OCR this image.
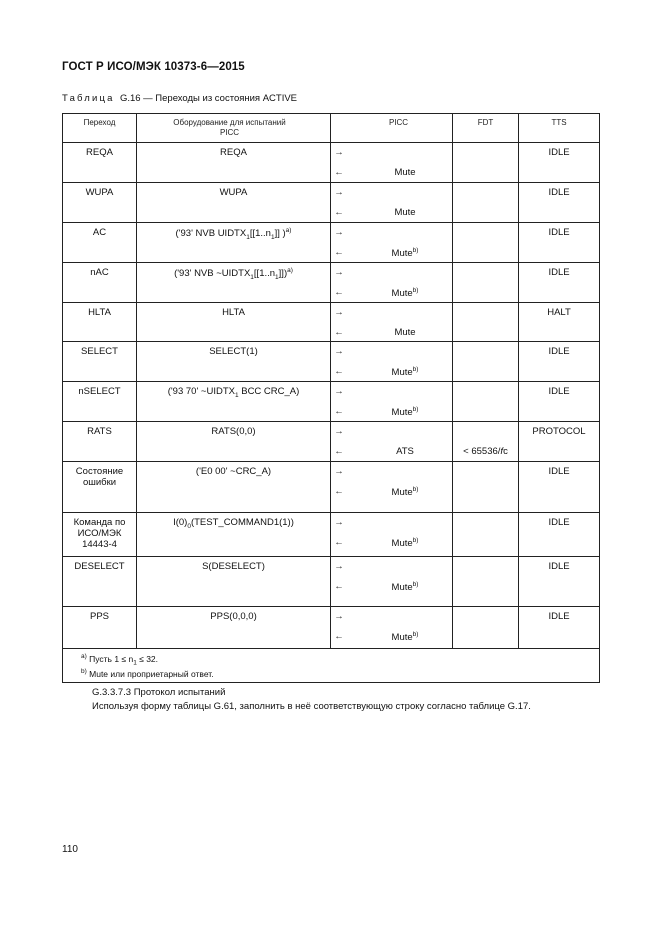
ГОСТ Р ИСО/МЭК 10373-6—2015
Таблица G.16 — Переходы из состояния ACTIVE
Переход	Оборудование для испытаний PICC	PICC	FDT	TTS

REQA	REQA	→
← Mute		IDLE

WUPA	WUPA	→
← Mute		IDLE

AC	('93' NVB $UIDTX_1[[1..n_1]]$ )$^{a)}$	→
← Mute$^{b)}$		IDLE

nAC	('93' NVB $\sim UIDTX_1[[1..n_1]])^{a)}$	→
← Mute$^{b)}$		IDLE

HLTA	HLTA	→
← Mute		HALT

SELECT	SELECT(1)	→
← Mute$^{b)}$		IDLE

nSELECT	('93 70' $\sim UIDTX_1$ BCC CRC_A)	→
← Mute$^{b)}$		IDLE

RATS	RATS(0,0)	→
← ATS	< 65536/fc	PROTOCOL

Состояние ошибки	('E0 00' ~CRC_A)	→
← Mute$^{b)}$		IDLE

Команда по ИСО/МЭК 14443-4	$I(0)_0(TEST\_COMMAND1(1))$	→
← Mute$^{b)}$		IDLE

DESELECT	S(DESELECT)	→
← Mute$^{b)}$		IDLE

PPS	PPS(0,0,0)	→
← Mute$^{b)}$		IDLE

$^{a)}$ Пусть $1 \le n_1 \le 32$.
$^{b)}$ Mute или проприетарный ответ.				
G.3.3.7.3 Протокол испытаний
Используя форму таблицы G.61, заполнить в неё соответствующую строку согласно таблице G.17.
110
